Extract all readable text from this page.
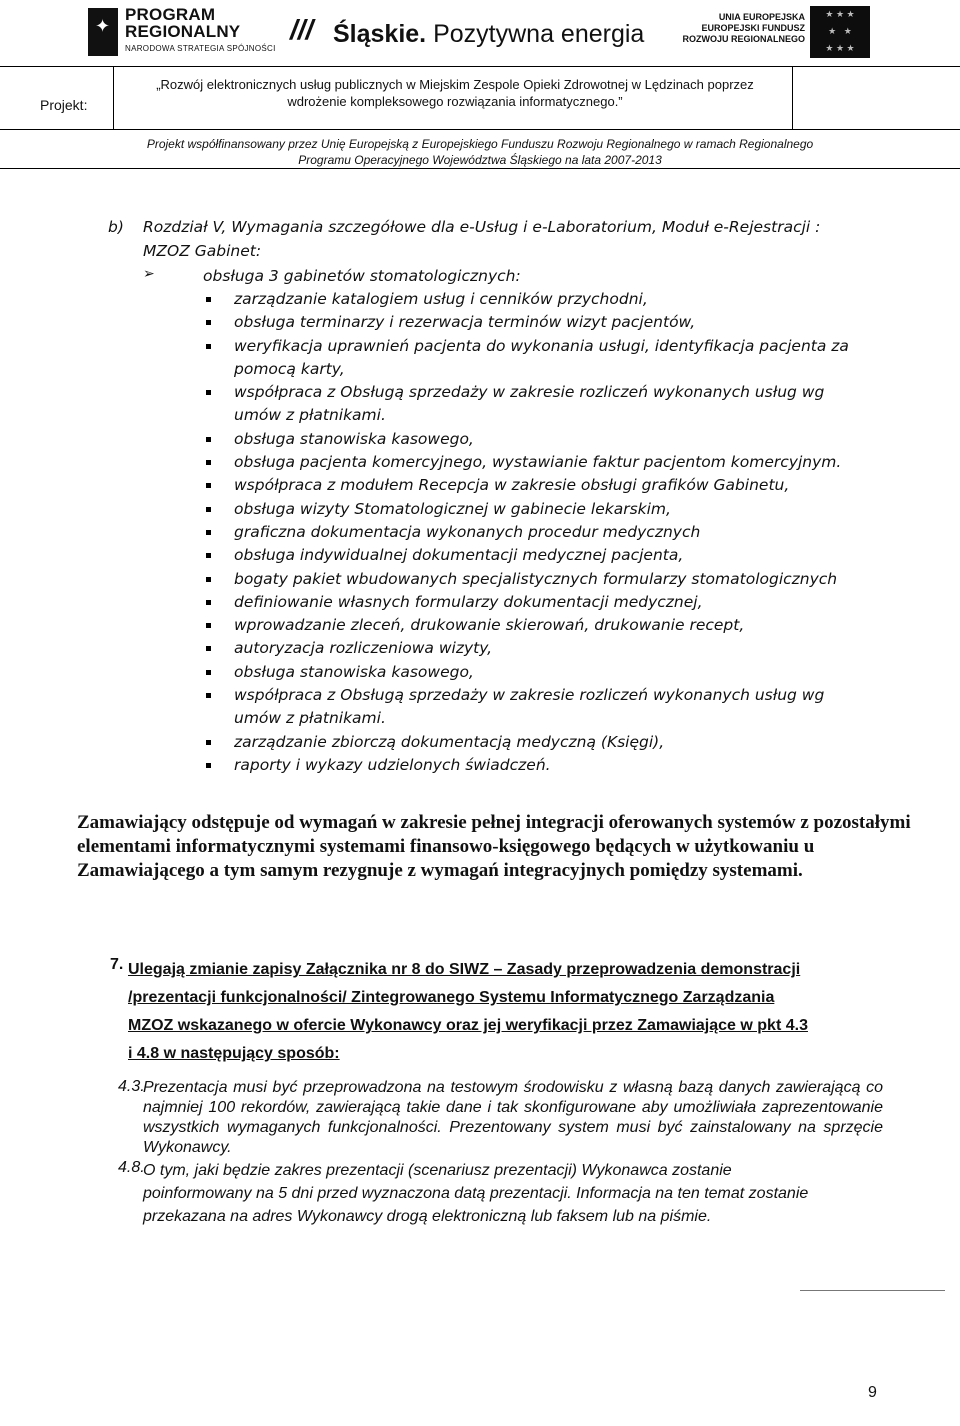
✦
PROGRAM
REGIONALNY
NARODOWA STRATEGIA SPÓJNOŚCI
/// Śląskie. Pozytywna energia
UNIA EUROPEJSKA
EUROPEJSKI FUNDUSZ
ROZWOJU REGIONALNEGO
★ ★ ★
★   ★
★ ★ ★
Projekt:
„Rozwój elektronicznych usług publicznych w Miejskim Zespole Opieki Zdrowotnej w Lędzinach poprzez wdrożenie kompleksowego rozwiązania informatycznego.”
Projekt współfinansowany przez Unię Europejską z Europejskiego Funduszu Rozwoju Regionalnego w ramach Regionalnego Programu Operacyjnego Województwa Śląskiego na lata 2007-2013
b) Rozdział V, Wymagania szczegółowe dla e-Usług i e-Laboratorium, Moduł e-Rejestracji :
MZOZ Gabinet:
➢	obsługa 3 gabinetów stomatologicznych:
zarządzanie katalogiem usług i cenników przychodni,
obsługa terminarzy i rezerwacja terminów wizyt pacjentów,
weryfikacja uprawnień pacjenta do wykonania usługi, identyfikacja pacjenta za
pomocą karty,
współpraca z Obsługą sprzedaży w zakresie rozliczeń wykonanych usług wg
umów z płatnikami.
obsługa stanowiska kasowego,
obsługa pacjenta komercyjnego, wystawianie faktur pacjentom komercyjnym.
współpraca z modułem Recepcja w zakresie obsługi grafików Gabinetu,
obsługa wizyty Stomatologicznej w gabinecie lekarskim,
graficzna dokumentacja wykonanych procedur medycznych
obsługa indywidualnej dokumentacji medycznej pacjenta,
bogaty pakiet wbudowanych specjalistycznych formularzy stomatologicznych
definiowanie własnych formularzy dokumentacji medycznej,
wprowadzanie zleceń, drukowanie skierowań, drukowanie recept,
autoryzacja rozliczeniowa wizyty,
obsługa stanowiska kasowego,
współpraca z Obsługą sprzedaży w zakresie rozliczeń wykonanych usług wg
umów z płatnikami.
zarządzanie zbiorczą dokumentacją medyczną (Księgi),
raporty i wykazy udzielonych świadczeń.
Zamawiający odstępuje od wymagań w zakresie pełnej integracji oferowanych systemów z pozostałymi elementami informatycznymi systemami finansowo-księgowego będących w użytkowaniu u Zamawiającego a tym samym rezygnuje z wymagań integracyjnych pomiędzy systemami.
7. Ulegają zmianie zapisy Załącznika nr 8 do SIWZ – Zasady przeprowadzenia demonstracji
/prezentacji funkcjonalności/ Zintegrowanego Systemu Informatycznego Zarządzania
MZOZ wskazanego w ofercie Wykonawcy oraz jej weryfikacji przez Zamawiające w pkt 4.3
i 4.8 w następujący sposób:
4.3.
Prezentacja musi być przeprowadzona na testowym środowisku z własną bazą danych zawierającą co najmniej 100 rekordów, zawierającą takie dane i tak skonfigurowane aby umożliwiała zaprezentowanie wszystkich wymaganych funkcjonalności. Prezentowany system musi być zainstalowany na sprzęcie Wykonawcy.
4.8.
O tym, jaki będzie zakres prezentacji (scenariusz prezentacji) Wykonawca zostanie poinformowany na 5 dni przed wyznaczona datą prezentacji. Informacja na ten temat zostanie przekazana na adres Wykonawcy drogą elektroniczną lub faksem lub na piśmie.
9
